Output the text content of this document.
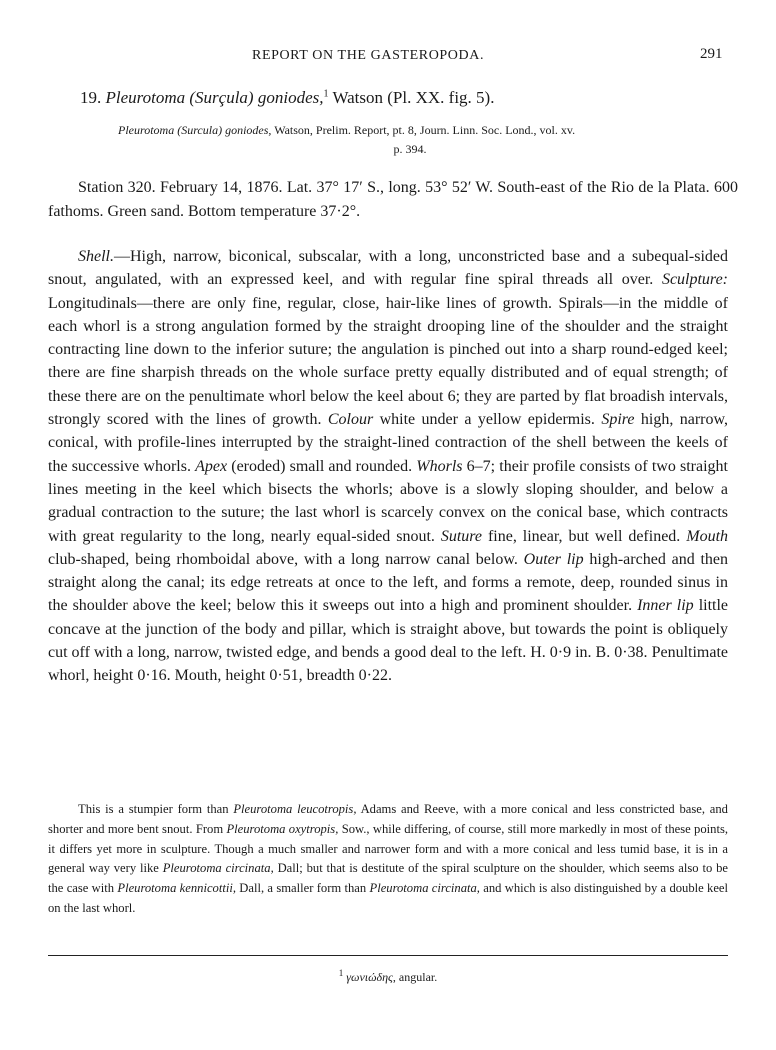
REPORT ON THE GASTEROPODA.	291
19. Pleurotoma (Surçula) goniodes,$^1$ Watson (Pl. XX. fig. 5).
Pleurotoma (Surcula) goniodes, Watson, Prelim. Report, pt. 8, Journ. Linn. Soc. Lond., vol. xv.
p. 394.

Station 320. February 14, 1876. Lat. 37° 17′ S., long. 53° 52′ W. South-east of the Rio de la Plata. 600 fathoms. Green sand. Bottom temperature 37·2°.

Shell.—High, narrow, biconical, subscalar, with a long, unconstricted base and a subequal-sided snout, angulated, with an expressed keel, and with regular fine spiral threads all over. Sculpture: Longitudinals—there are only fine, regular, close, hair-like lines of growth. Spirals—in the middle of each whorl is a strong angulation formed by the straight drooping line of the shoulder and the straight contracting line down to the inferior suture; the angulation is pinched out into a sharp round-edged keel; there are fine sharpish threads on the whole surface pretty equally distributed and of equal strength; of these there are on the penultimate whorl below the keel about 6; they are parted by flat broadish intervals, strongly scored with the lines of growth. Colour white under a yellow epidermis. Spire high, narrow, conical, with profile-lines interrupted by the straight-lined contraction of the shell between the keels of the successive whorls. Apex (eroded) small and rounded. Whorls 6–7; their profile consists of two straight lines meeting in the keel which bisects the whorls; above is a slowly sloping shoulder, and below a gradual contraction to the suture; the last whorl is scarcely convex on the conical base, which contracts with great regularity to the long, nearly equal-sided snout. Suture fine, linear, but well defined. Mouth club-shaped, being rhomboidal above, with a long narrow canal below. Outer lip high-arched and then straight along the canal; its edge retreats at once to the left, and forms a remote, deep, rounded sinus in the shoulder above the keel; below this it sweeps out into a high and prominent shoulder. Inner lip little concave at the junction of the body and pillar, which is straight above, but towards the point is obliquely cut off with a long, narrow, twisted edge, and bends a good deal to the left. H. 0·9 in. B. 0·38. Penultimate whorl, height 0·16. Mouth, height 0·51, breadth 0·22.

This is a stumpier form than Pleurotoma leucotropis, Adams and Reeve, with a more conical and less constricted base, and shorter and more bent snout. From Pleurotoma oxytropis, Sow., while differing, of course, still more markedly in most of these points, it differs yet more in sculpture. Though a much smaller and narrower form and with a more conical and less tumid base, it is in a general way very like Pleurotoma circinata, Dall; but that is destitute of the spiral sculpture on the shoulder, which seems also to be the case with Pleurotoma kennicottii, Dall, a smaller form than Pleurotoma circinata, and which is also distinguished by a double keel on the last whorl.

$^1$ γωνιώδης, angular.
